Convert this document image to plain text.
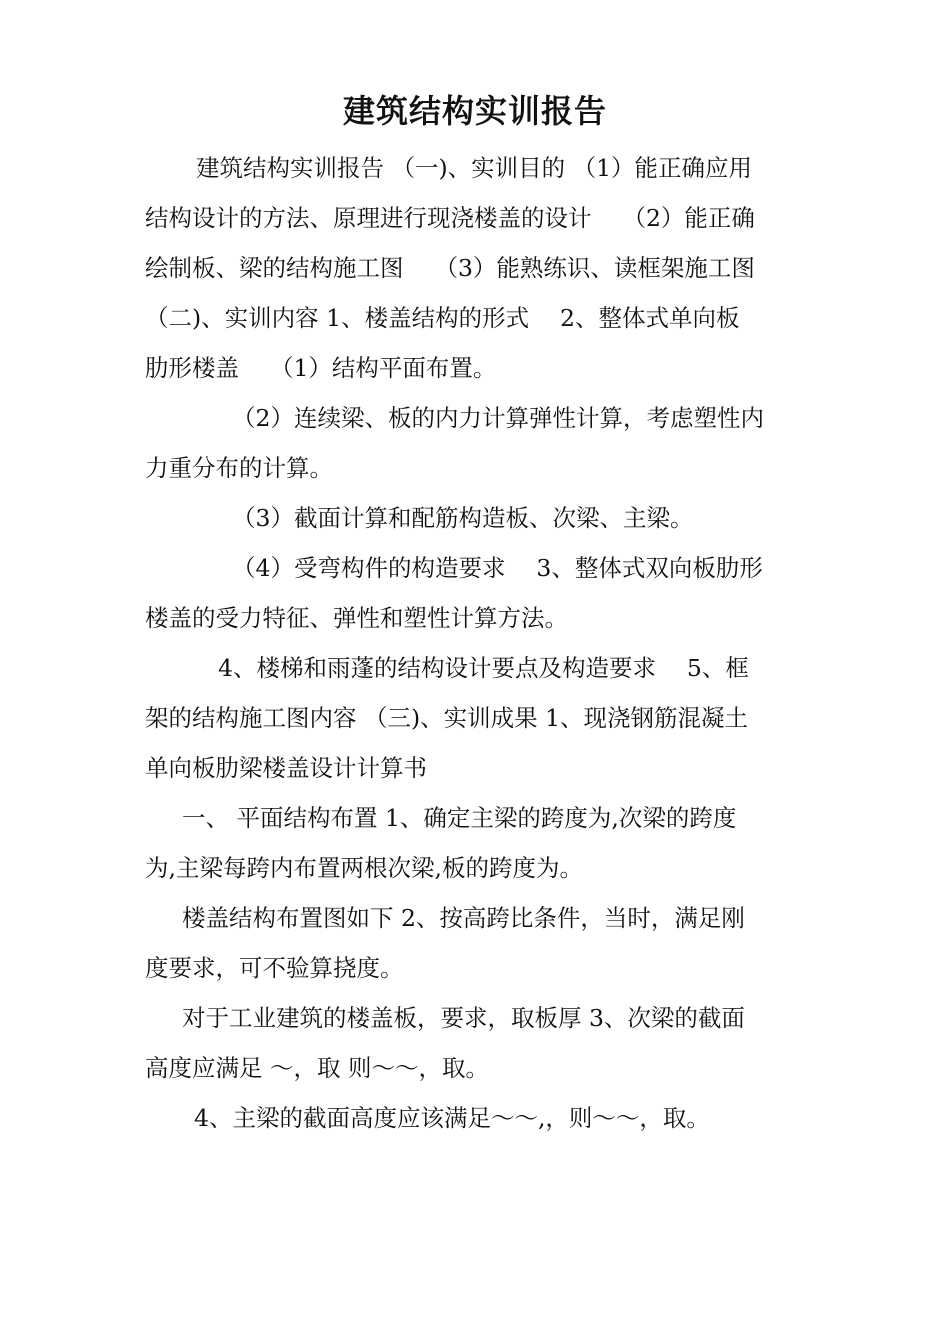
建筑结构实训报告
建筑结构实训报告 （一)、实训目的 （1）能正确应用
结构设计的方法、原理进行现浇楼盖的设计　 （2）能正确
绘制板、梁的结构施工图　 （3）能熟练识、读框架施工图
（二)、实训内容 1、楼盖结构的形式　 2、整体式单向板
肋形楼盖　 （1）结构平面布置。
（2）连续梁、板的内力计算弹性计算，考虑塑性内
力重分布的计算。
（3）截面计算和配筋构造板、次梁、主梁。
（4）受弯构件的构造要求　 3、整体式双向板肋形
楼盖的受力特征、弹性和塑性计算方法。
4、楼梯和雨蓬的结构设计要点及构造要求　 5、框
架的结构施工图内容 （三)、实训成果 1、现浇钢筋混凝土
单向板肋梁楼盖设计计算书
一、 平面结构布置 1、确定主梁的跨度为,次梁的跨度
为,主梁每跨内布置两根次梁,板的跨度为。
楼盖结构布置图如下 2、按高跨比条件，当时，满足刚
度要求，可不验算挠度。
对于工业建筑的楼盖板，要求，取板厚 3、次梁的截面
高度应满足 ～，取 则～～，取。
4、主梁的截面高度应该满足～～,，则～～，取。
